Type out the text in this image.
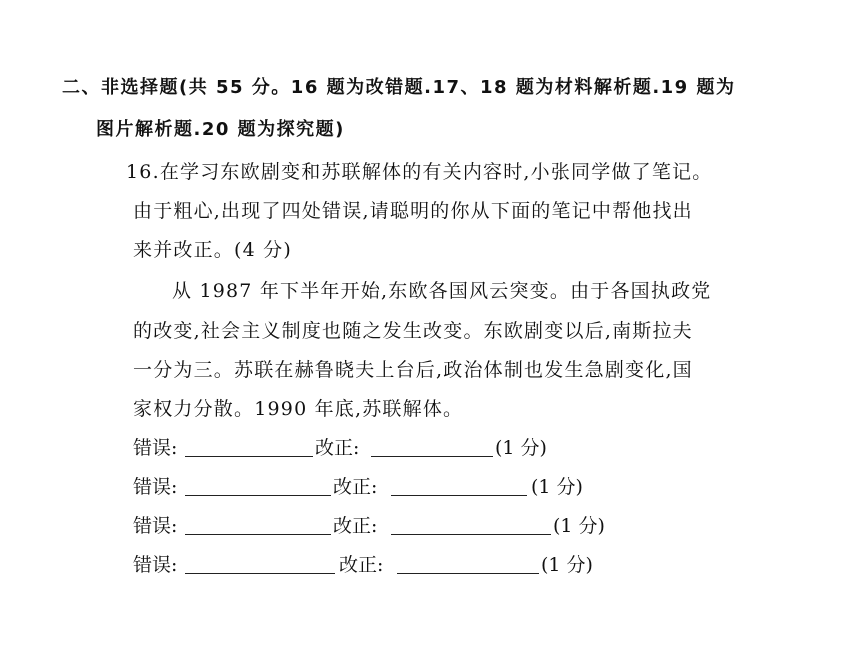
二、非选择题(共 55 分。16 题为改错题.17、18 题为材料解析题.19 题为
图片解析题.20 题为探究题)
16.在学习东欧剧变和苏联解体的有关内容时,小张同学做了笔记。
由于粗心,出现了四处错误,请聪明的你从下面的笔记中帮他找出
来并改正。(4 分)
从 1987 年下半年开始,东欧各国风云突变。由于各国执政党
的改变,社会主义制度也随之发生改变。东欧剧变以后,南斯拉夫
一分为三。苏联在赫鲁晓夫上台后,政治体制也发生急剧变化,国
家权力分散。1990 年底,苏联解体。
错误:	改正:	(1 分)
错误:	改正:	(1 分)
错误:	改正:	(1 分)
错误:	改正:	(1 分)
